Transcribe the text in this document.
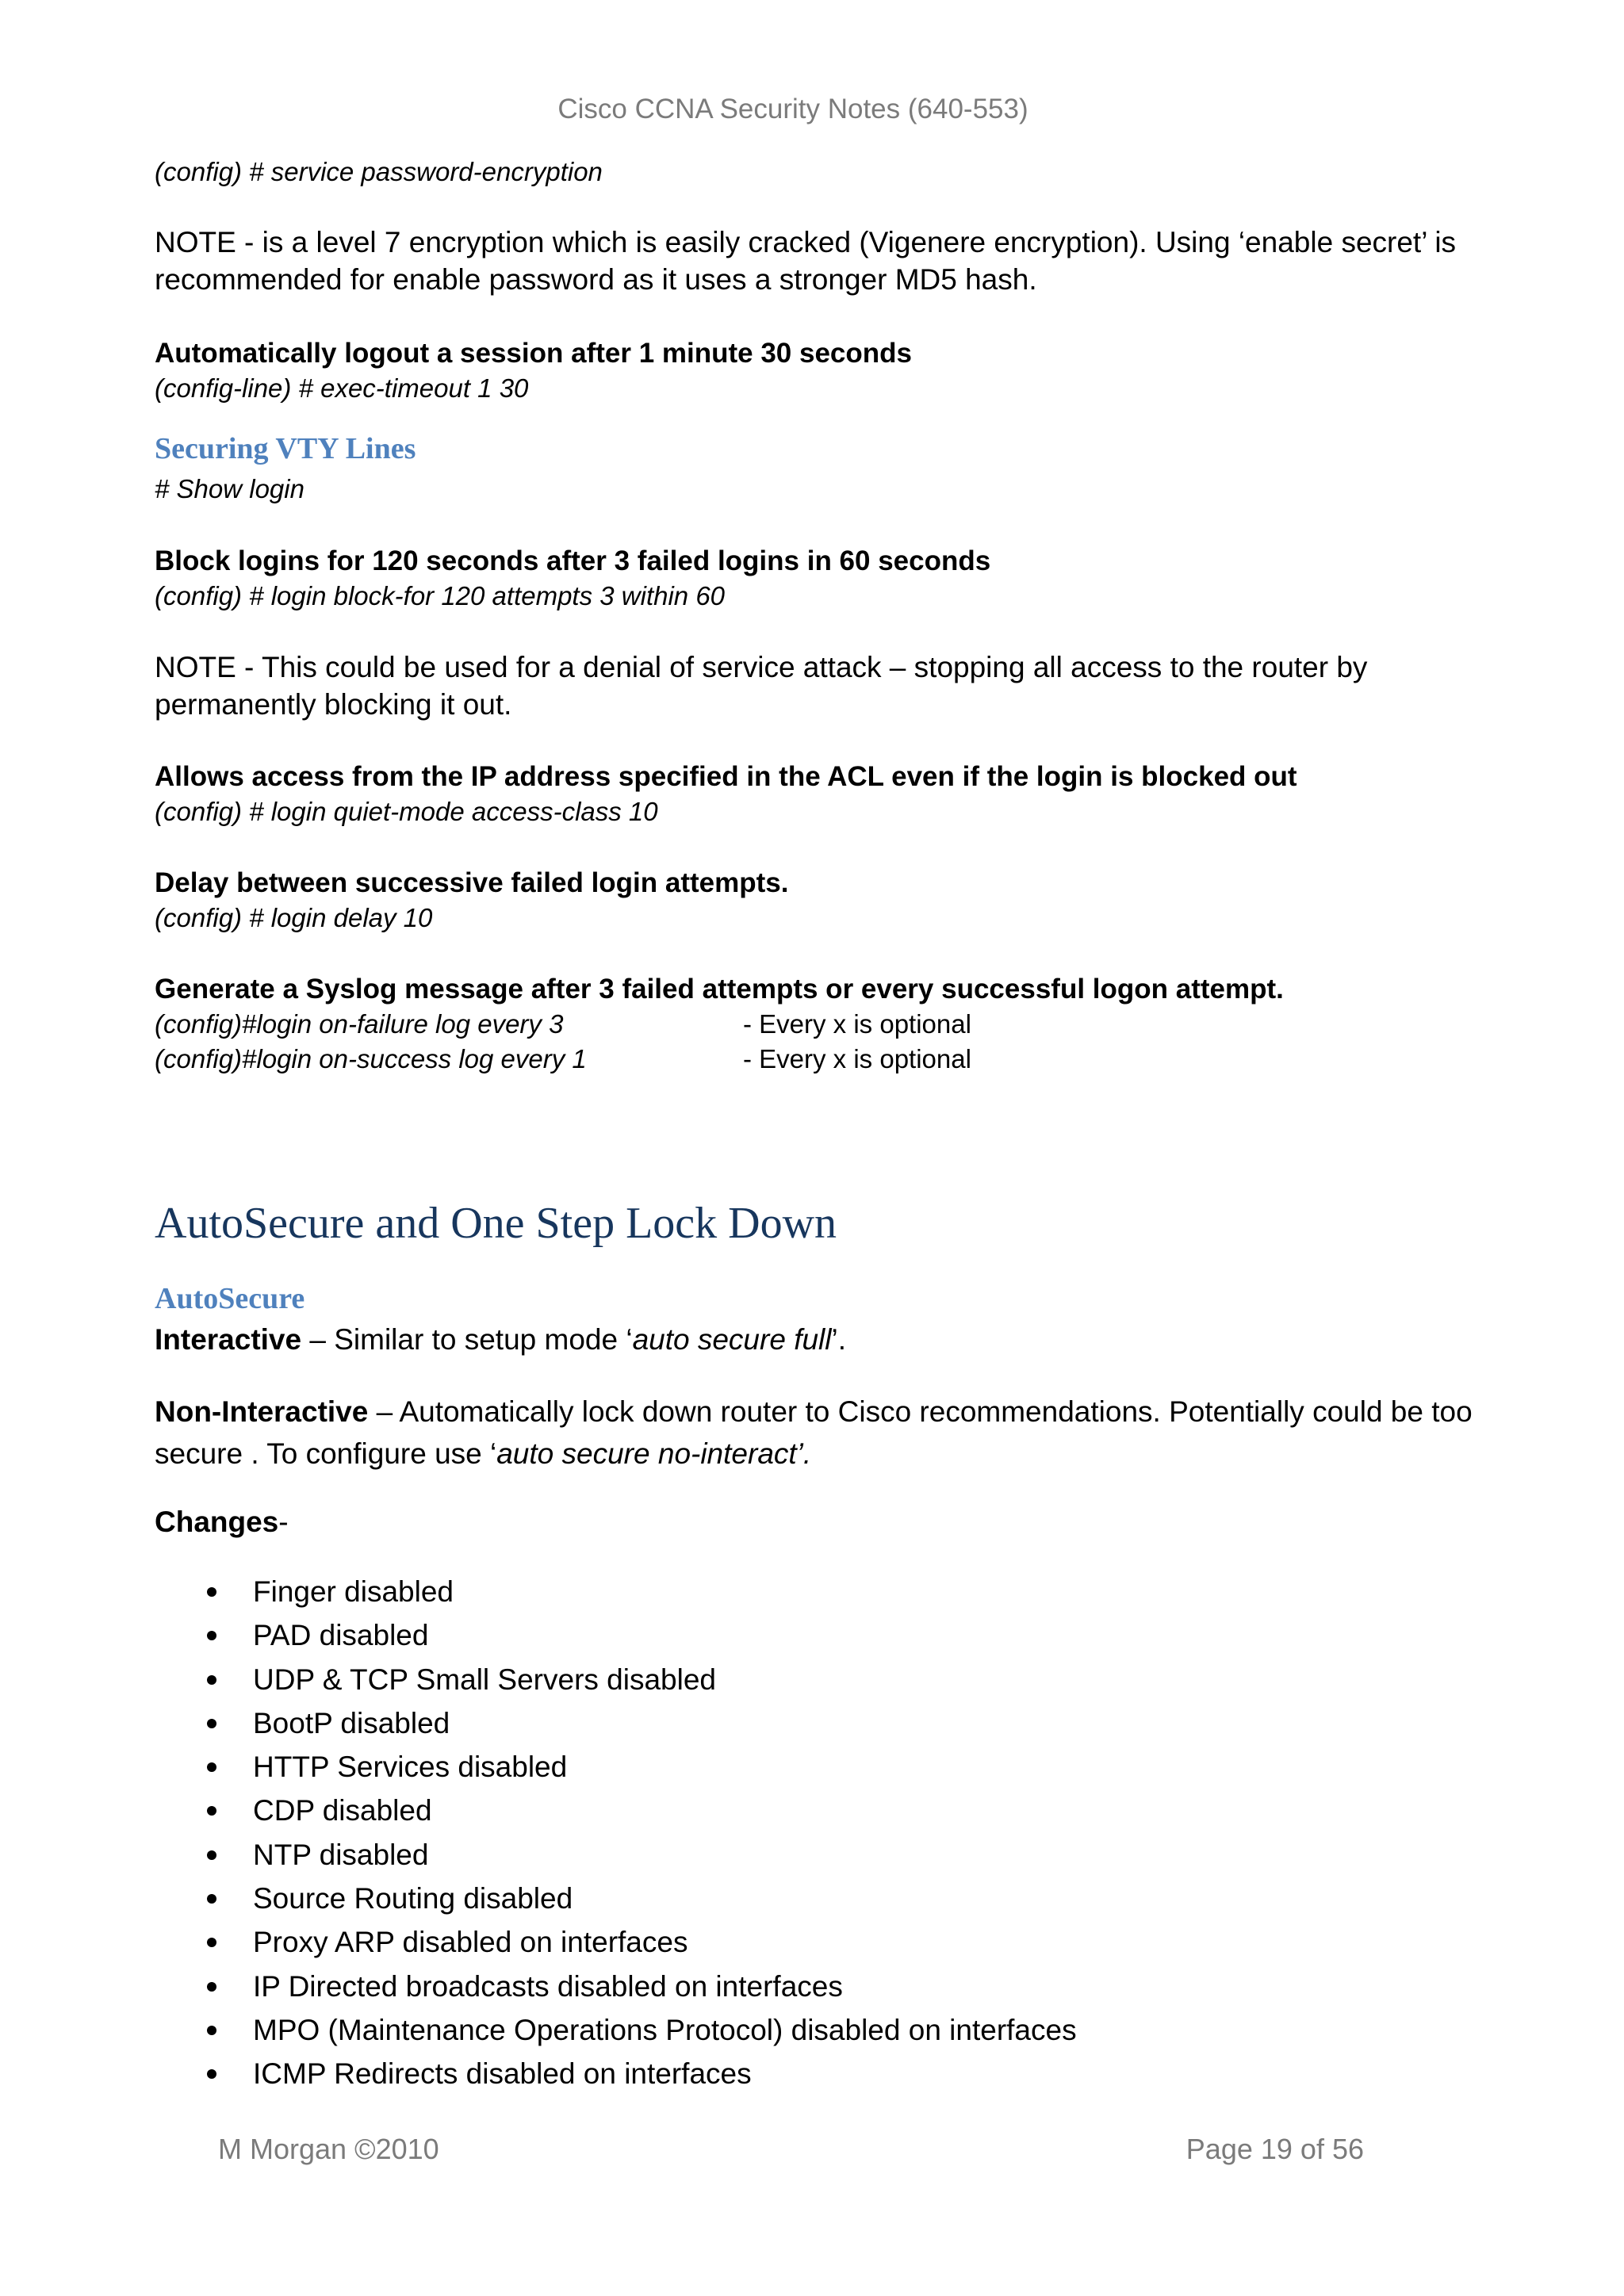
Cisco CCNA Security Notes (640-553)
(config) # service password-encryption
NOTE - is a level 7 encryption which is easily cracked (Vigenere encryption). Using ‘enable secret’ is recommended for enable password as it uses a stronger MD5 hash.
Automatically logout a session after 1 minute 30 seconds
(config-line) # exec-timeout 1 30
Securing VTY Lines
# Show login
Block logins for 120 seconds after 3 failed logins in 60 seconds
(config) # login block-for 120 attempts 3 within 60
NOTE - This could be used for a denial of service attack – stopping all access to the router by permanently blocking it out.
Allows access from the IP address specified in the ACL even if the login is blocked out
(config) # login quiet-mode access-class 10
Delay between successive failed login attempts.
(config) # login delay 10
Generate a Syslog message after 3 failed attempts or every successful logon attempt.
(config)#login on-failure log every 3	- Every x is optional
(config)#login on-success log every 1	- Every x is optional
AutoSecure and One Step Lock Down
AutoSecure
Interactive – Similar to setup mode ‘auto secure full’.
Non-Interactive – Automatically lock down router to Cisco recommendations. Potentially could be too secure . To configure use ‘auto secure no-interact’.
Changes-
Finger disabled
PAD disabled
UDP & TCP Small Servers disabled
BootP disabled
HTTP Services disabled
CDP disabled
NTP disabled
Source Routing disabled
Proxy ARP disabled on interfaces
IP Directed broadcasts disabled on interfaces
MPO (Maintenance Operations Protocol) disabled on interfaces
ICMP Redirects disabled on interfaces
M Morgan ©2010	Page 19 of 56
